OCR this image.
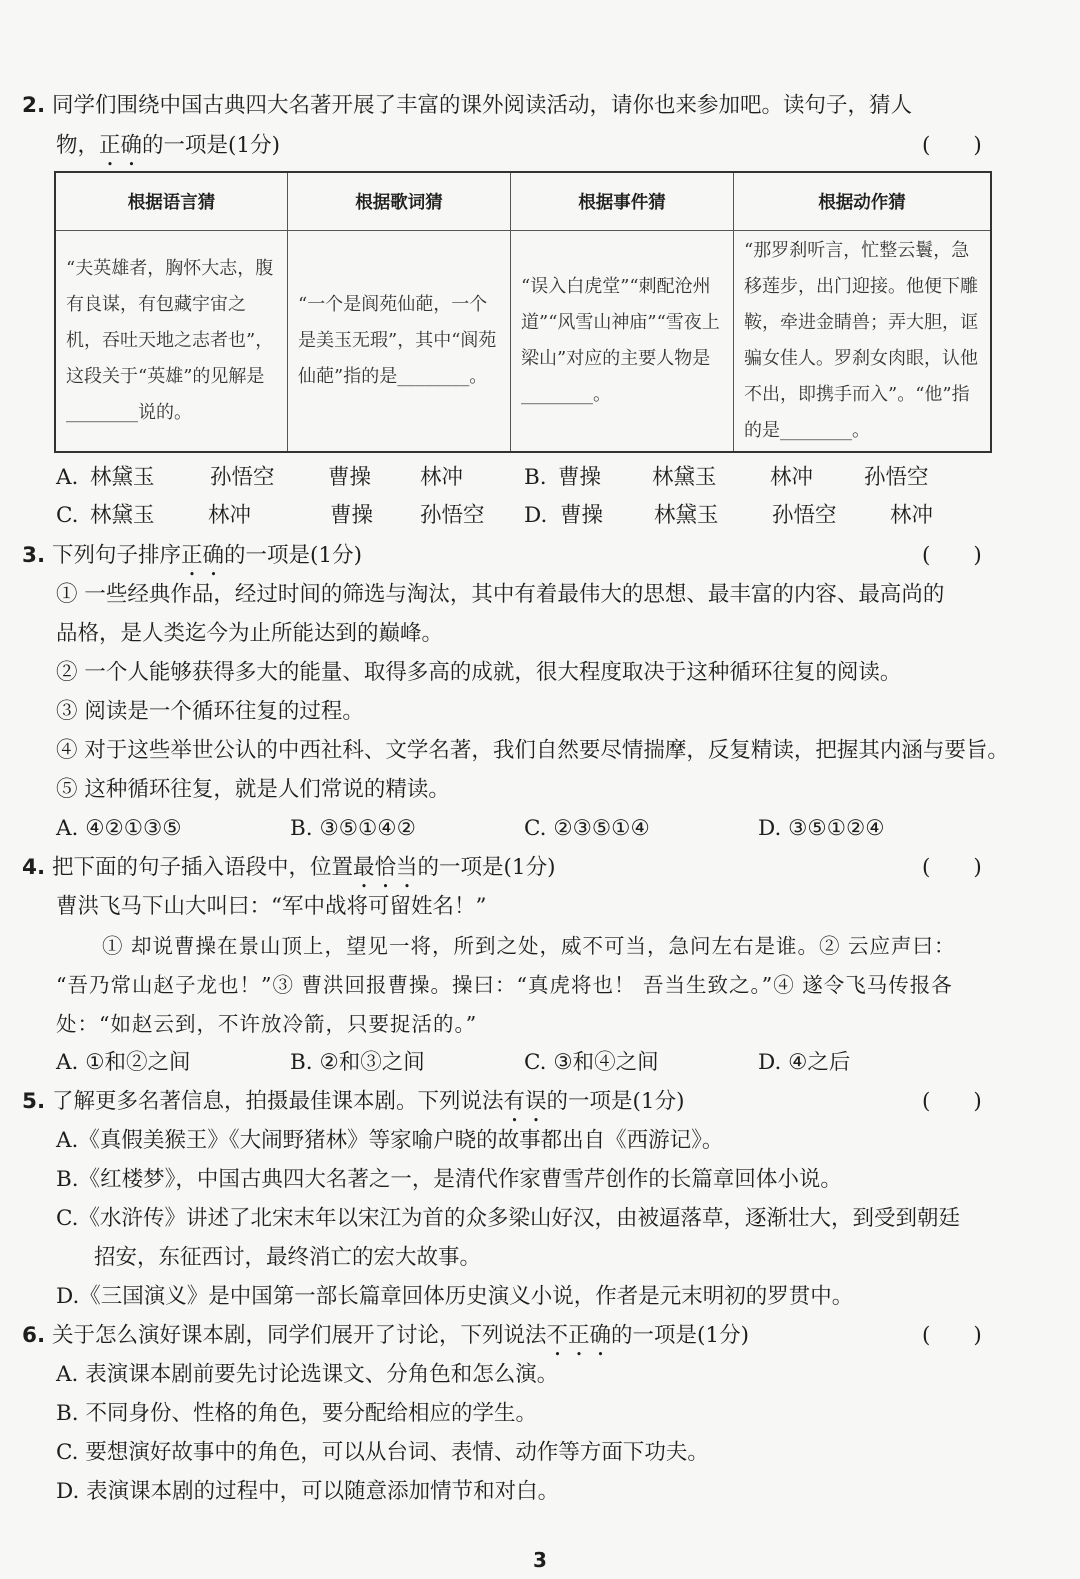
2. 同学们围绕中国古典四大名著开展了丰富的课外阅读活动，请你也来参加吧。读句子，猜人
物，正确的一项是(1分)	(　　)
根据语言猜	根据歌词猜	根据事件猜	根据动作猜
“夫英雄者，胸怀大志，腹有良谋，有包藏宇宙之机，吞吐天地之志者也”，这段关于“英雄”的见解是________说的。	“一个是阆苑仙葩，一个是美玉无瑕”，其中“阆苑仙葩”指的是________。	“误入白虎堂”“刺配沧州道”“风雪山神庙”“雪夜上梁山”对应的主要人物是________。	“那罗刹听言，忙整云鬟，急移莲步，出门迎接。他便下雕鞍，牵进金睛兽；弄大胆，诓骗女佳人。罗刹女肉眼，认他不出，即携手而入”。“他”指的是________。
A. 林黛玉	孙悟空 曹操 林冲	B. 曹操 林黛玉 林冲 孙悟空
C. 林黛玉 林冲	曹操 孙悟空 D. 曹操 林黛玉 孙悟空 林冲
3. 下列句子排序正确的一项是(1分)	(　　)
① 一些经典作品，经过时间的筛选与淘汰，其中有着最伟大的思想、最丰富的内容、最高尚的
品格，是人类迄今为止所能达到的巅峰。
② 一个人能够获得多大的能量、取得多高的成就，很大程度取决于这种循环往复的阅读。
③ 阅读是一个循环往复的过程。
④ 对于这些举世公认的中西社科、文学名著，我们自然要尽情揣摩，反复精读，把握其内涵与要旨。
⑤ 这种循环往复，就是人们常说的精读。
A. ④②①③⑤	B. ③⑤①④②	C. ②③⑤①④	D. ③⑤①②④
4. 把下面的句子插入语段中，位置最恰当的一项是(1分)	(　　)
曹洪飞马下山大叫曰：“军中战将可留姓名！”
① 却说曹操在景山顶上，望见一将，所到之处，威不可当，急问左右是谁。② 云应声曰：
“吾乃常山赵子龙也！”③ 曹洪回报曹操。操曰：“真虎将也！ 吾当生致之。”④ 遂令飞马传报各
处：“如赵云到，不许放冷箭，只要捉活的。”
A. ①和②之间	B. ②和③之间	C. ③和④之间	D. ④之后
5. 了解更多名著信息，拍摄最佳课本剧。下列说法有误的一项是(1分)	(　　)
A.《真假美猴王》《大闹野猪林》等家喻户晓的故事都出自《西游记》。
B.《红楼梦》，中国古典四大名著之一，是清代作家曹雪芹创作的长篇章回体小说。
C.《水浒传》讲述了北宋末年以宋江为首的众多梁山好汉，由被逼落草，逐渐壮大，到受到朝廷
招安，东征西讨，最终消亡的宏大故事。
D.《三国演义》是中国第一部长篇章回体历史演义小说，作者是元末明初的罗贯中。
6. 关于怎么演好课本剧，同学们展开了讨论，下列说法不正确的一项是(1分)	(　　)
A. 表演课本剧前要先讨论选课文、分角色和怎么演。
B. 不同身份、性格的角色，要分配给相应的学生。
C. 要想演好故事中的角色，可以从台词、表情、动作等方面下功夫。
D. 表演课本剧的过程中，可以随意添加情节和对白。
3
